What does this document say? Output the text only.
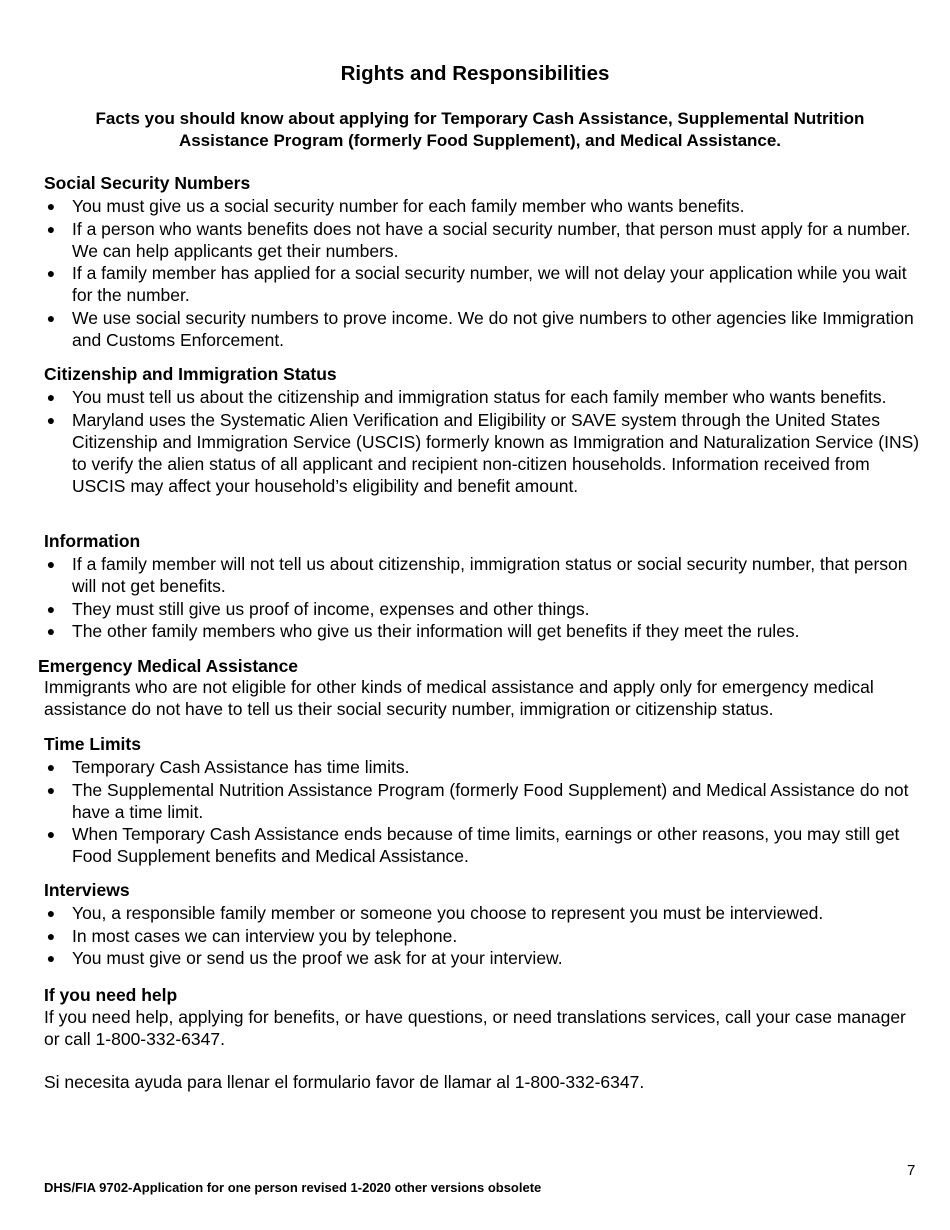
Rights and Responsibilities
Facts you should know about applying for Temporary Cash Assistance, Supplemental Nutrition
Assistance Program (formerly Food Supplement), and Medical Assistance.
Social Security Numbers
● You must give us a social security number for each family member who wants benefits.
● If a person who wants benefits does not have a social security number, that person must apply for a number. We can help applicants get their numbers.
● If a family member has applied for a social security number, we will not delay your application while you wait for the number.
● We use social security numbers to prove income. We do not give numbers to other agencies like Immigration and Customs Enforcement.
Citizenship and Immigration Status
● You must tell us about the citizenship and immigration status for each family member who wants benefits.
● Maryland uses the Systematic Alien Verification and Eligibility or SAVE system through the United States Citizenship and Immigration Service (USCIS) formerly known as Immigration and Naturalization Service (INS) to verify the alien status of all applicant and recipient non-citizen households. Information received from USCIS may affect your household’s eligibility and benefit amount.
Information
● If a family member will not tell us about citizenship, immigration status or social security number, that person will not get benefits.
● They must still give us proof of income, expenses and other things.
● The other family members who give us their information will get benefits if they meet the rules.
Emergency Medical Assistance

Immigrants who are not eligible for other kinds of medical assistance and apply only for emergency medical assistance do not have to tell us their social security number, immigration or citizenship status.

Time Limits
● Temporary Cash Assistance has time limits.
● The Supplemental Nutrition Assistance Program (formerly Food Supplement) and Medical Assistance do not have a time limit.
● When Temporary Cash Assistance ends because of time limits, earnings or other reasons, you may still get Food Supplement benefits and Medical Assistance.
Interviews
● You, a responsible family member or someone you choose to represent you must be interviewed.
● In most cases we can interview you by telephone.
● You must give or send us the proof we ask for at your interview.
If you need help

If you need help, applying for benefits, or have questions, or need translations services, call your case manager or call 1-800-332-6347.

Si necesita ayuda para llenar el formulario favor de llamar al 1-800-332-6347.

7
DHS/FIA 9702-Application for one person revised 1-2020 other versions obsolete
